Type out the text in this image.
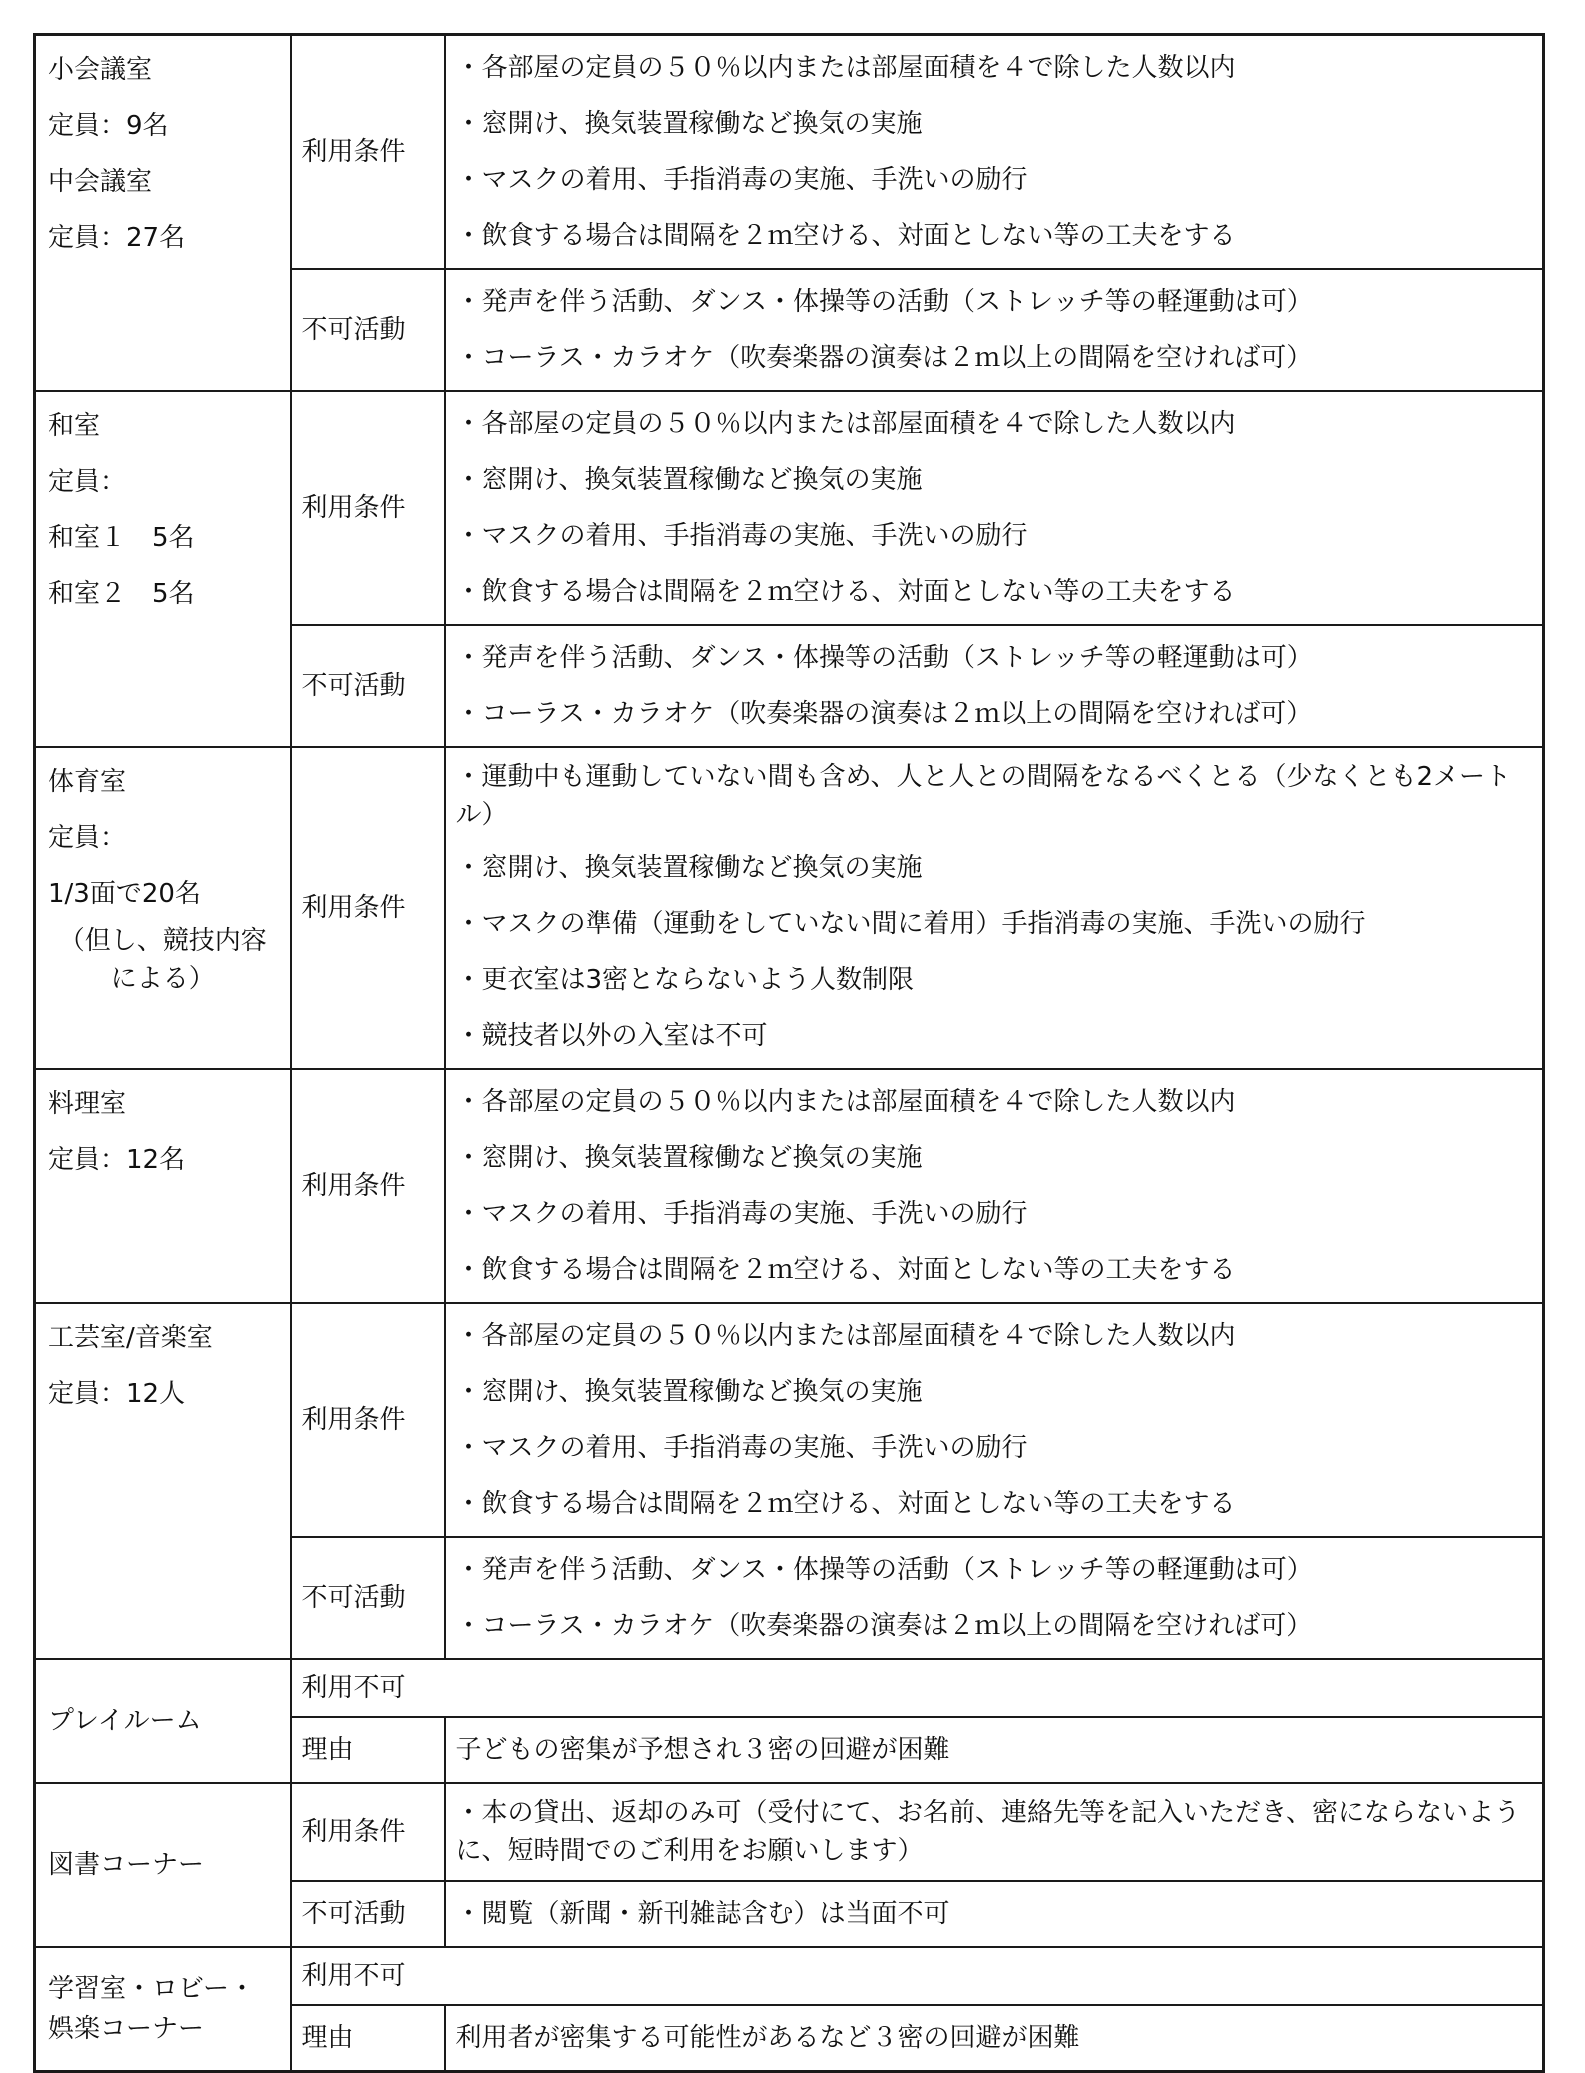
小会議室
定員：9名
中会議室
定員：27名	利用条件	・各部屋の定員の５０％以内または部屋面積を４で除した人数以内
・窓開け、換気装置稼働など換気の実施
・マスクの着用、手指消毒の実施、手洗いの励行
・飲食する場合は間隔を２ｍ空ける、対面としない等の工夫をする

	不可活動	・発声を伴う活動、ダンス・体操等の活動（ストレッチ等の軽運動は可）
・コーラス・カラオケ（吹奏楽器の演奏は２ｍ以上の間隔を空ければ可）

和室
定員：
和室１　5名
和室２　5名	利用条件	・各部屋の定員の５０％以内または部屋面積を４で除した人数以内
・窓開け、換気装置稼働など換気の実施
・マスクの着用、手指消毒の実施、手洗いの励行
・飲食する場合は間隔を２ｍ空ける、対面としない等の工夫をする

	不可活動	・発声を伴う活動、ダンス・体操等の活動（ストレッチ等の軽運動は可）
・コーラス・カラオケ（吹奏楽器の演奏は２ｍ以上の間隔を空ければ可）

体育室
定員：
1/3面で20名
（但し、競技内容による）	利用条件	・運動中も運動していない間も含め、人と人との間隔をなるべくとる（少なくとも2メートル）
・窓開け、換気装置稼働など換気の実施
・マスクの準備（運動をしていない間に着用）手指消毒の実施、手洗いの励行
・更衣室は3密とならないよう人数制限
・競技者以外の入室は不可

料理室
定員：12名	利用条件	・各部屋の定員の５０％以内または部屋面積を４で除した人数以内
・窓開け、換気装置稼働など換気の実施
・マスクの着用、手指消毒の実施、手洗いの励行
・飲食する場合は間隔を２ｍ空ける、対面としない等の工夫をする

工芸室/音楽室
定員：12人	利用条件	・各部屋の定員の５０％以内または部屋面積を４で除した人数以内
・窓開け、換気装置稼働など換気の実施
・マスクの着用、手指消毒の実施、手洗いの励行
・飲食する場合は間隔を２ｍ空ける、対面としない等の工夫をする

	不可活動	・発声を伴う活動、ダンス・体操等の活動（ストレッチ等の軽運動は可）
・コーラス・カラオケ（吹奏楽器の演奏は２ｍ以上の間隔を空ければ可）

プレイルーム	利用不可	
	理由	子どもの密集が予想され３密の回避が困難

図書コーナー	利用条件	・本の貸出、返却のみ可（受付にて、お名前、連絡先等を記入いただき、密にならないように、短時間でのご利用をお願いします）

	不可活動	・閲覧（新聞・新刊雑誌含む）は当面不可

学習室・ロビー・
娯楽コーナー	利用不可	
	理由	利用者が密集する可能性があるなど３密の回避が困難
